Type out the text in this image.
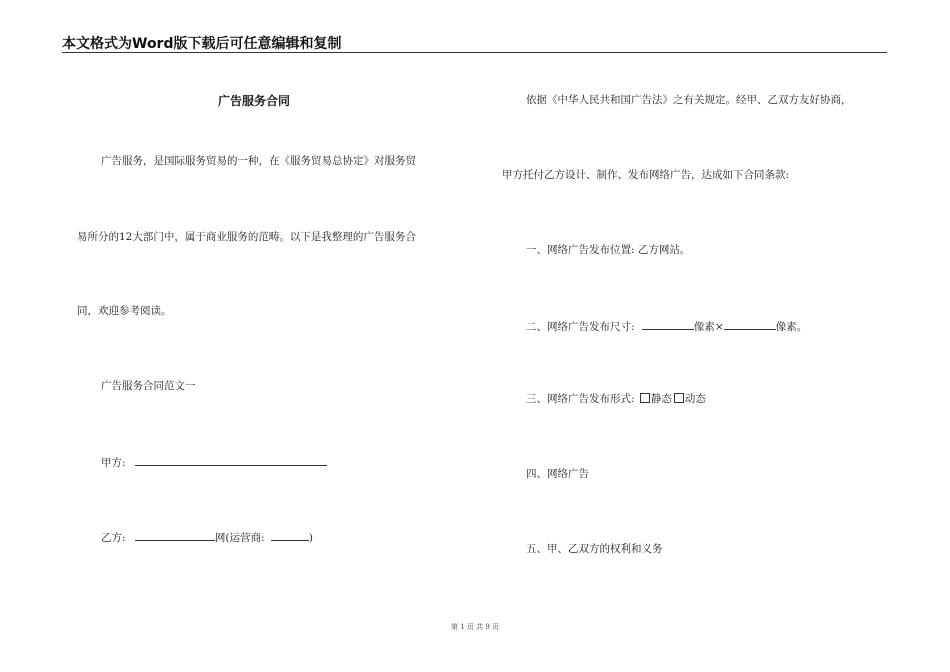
本文格式为Word版下载后可任意编辑和复制
广告服务合同
广告服务，是国际服务贸易的一种，在《服务贸易总协定》对服务贸
易所分的12大部门中，属于商业服务的范畴。以下是我整理的广告服务合
同，欢迎参考阅读。
广告服务合同范文一
甲方:
乙方:	网(运营商:	)
依据《中华人民共和国广告法》之有关规定。经甲、乙双方友好协商，
甲方托付乙方设计、制作、发布网络广告，达成如下合同条款:
一、网络广告发布位置: 乙方网站。
二、网络广告发布尺寸:	像素×	像素。
三、网络广告发布形式: 静态 动态
四、网络广告
五、甲、乙双方的权利和义务
第 1 页 共 9 页
